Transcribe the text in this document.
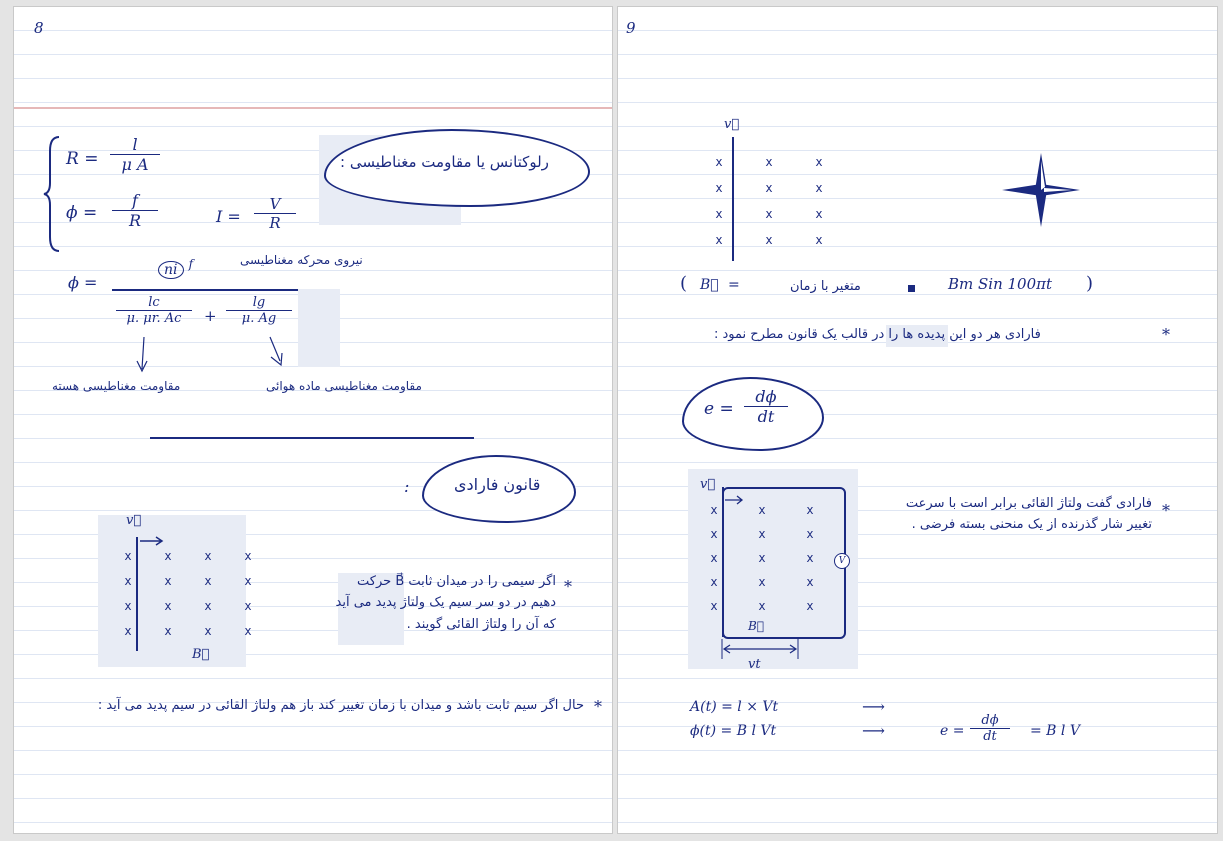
8
$R = \frac{l}{\text{μ A}}$
$\phi = \frac{f}{R}$	$I = \frac{V}{R}$
رلوکتانس یا مقاومت مغناطیسی :
نیروی محرکه مغناطیسی
ϕ =
ni $^f$
$\frac{lc}{\mu. \mu r. Ac} + \frac{\lg}{\mu. Ag}$
مقاومت مغناطیسی هسته	مقاومت مغناطیسی ماده هوائی
قانون فارادی
:
v⃗
x	x	x	x
x	x	x	x
x	x	x	x
x	x	x	x
B⃗
*
اگر سیمی را در میدان ثابت B⃗ حرکت دهیم در دو سر سیم یک ولتاژ پدید می آید که آن را ولتاژ القائی گویند .
*
حال اگر سیم ثابت باشد و میدان با زمان تغییر کند باز هم ولتاژ القائی در سیم پدید می آید :
9
v⃗
x	x	x
x	x	x
x	x	x
x	x	x
( B⃗ =	متغیر با زمان	Bm Sin 100πt )
*
فارادی هر دو این پدیده ها را در قالب یک قانون مطرح نمود :
$e = \frac{d\phi}{dt}$
v⃗
x	x	x
x	x	x
x	x	x
x	x	x
x	x	x
B⃗
V
vt
*
فارادی گفت ولتاژ القائی برابر است با سرعت تغییر شار گذرنده از یک منحنی بسته فرضی .
A(t) = l × Vt	⟶
ϕ(t) = B l Vt	⟶	$e = \frac{d\phi}{dt} = B$ l V
